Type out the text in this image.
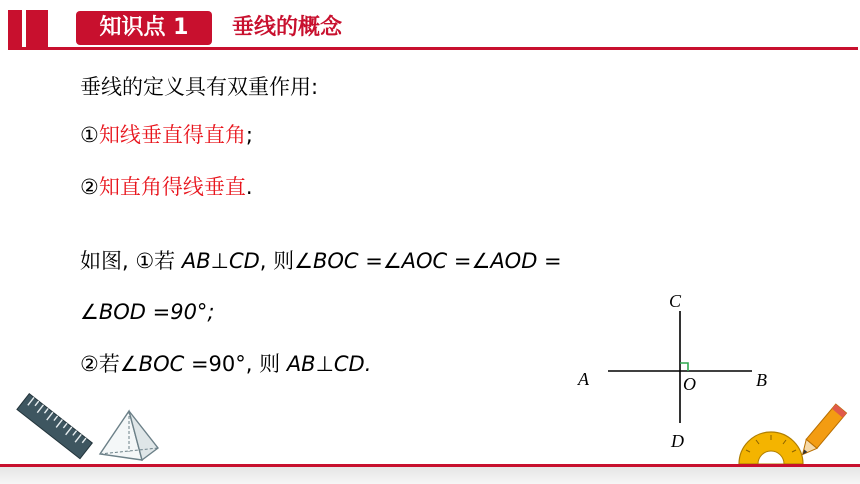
知识点 1	垂线的概念
垂线的定义具有双重作用:
①知线垂直得直角;
②知直角得线垂直.
如图, ①若 AB⊥CD, 则∠BOC =∠AOC =∠AOD =
∠BOD =90°;
②若∠BOC =90°, 则 AB⊥CD.
C
A	B
O
D
